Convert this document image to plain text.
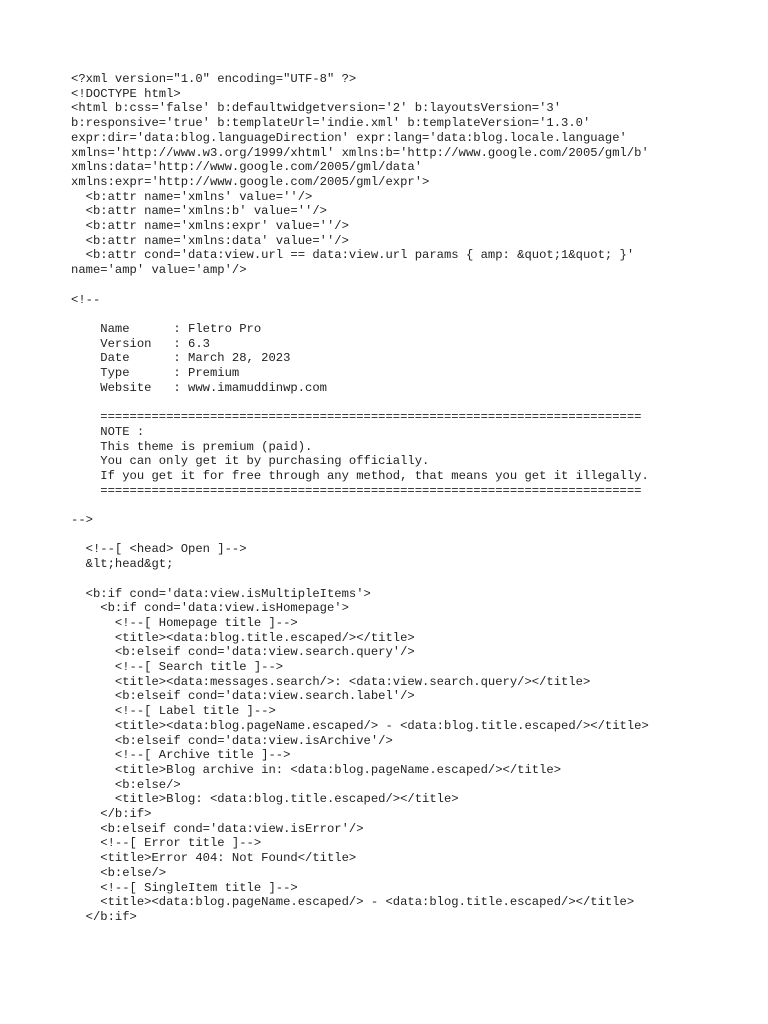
<?xml version="1.0" encoding="UTF-8" ?>
<!DOCTYPE html>
<html b:css='false' b:defaultwidgetversion='2' b:layoutsVersion='3'
b:responsive='true' b:templateUrl='indie.xml' b:templateVersion='1.3.0'
expr:dir='data:blog.languageDirection' expr:lang='data:blog.locale.language'
xmlns='http://www.w3.org/1999/xhtml' xmlns:b='http://www.google.com/2005/gml/b'
xmlns:data='http://www.google.com/2005/gml/data'
xmlns:expr='http://www.google.com/2005/gml/expr'>
<b:attr name='xmlns' value=''/>
<b:attr name='xmlns:b' value=''/>
<b:attr name='xmlns:expr' value=''/>
<b:attr name='xmlns:data' value=''/>
<b:attr cond='data:view.url == data:view.url params { amp: &quot;1&quot; }'
name='amp' value='amp'/>
<!--
Name      : Fletro Pro
Version   : 6.3
Date      : March 28, 2023
Type      : Premium
Website   : www.imamuddinwp.com
==========================================================================
NOTE :
This theme is premium (paid).
You can only get it by purchasing officially.
If you get it for free through any method, that means you get it illegally.
==========================================================================
-->
<!--[ <head> Open ]-->
&lt;head&gt;
<b:if cond='data:view.isMultipleItems'>
<b:if cond='data:view.isHomepage'>
<!--[ Homepage title ]-->
<title><data:blog.title.escaped/></title>
<b:elseif cond='data:view.search.query'/>
<!--[ Search title ]-->
<title><data:messages.search/>: <data:view.search.query/></title>
<b:elseif cond='data:view.search.label'/>
<!--[ Label title ]-->
<title><data:blog.pageName.escaped/> - <data:blog.title.escaped/></title>
<b:elseif cond='data:view.isArchive'/>
<!--[ Archive title ]-->
<title>Blog archive in: <data:blog.pageName.escaped/></title>
<b:else/>
<title>Blog: <data:blog.title.escaped/></title>
</b:if>
<b:elseif cond='data:view.isError'/>
<!--[ Error title ]-->
<title>Error 404: Not Found</title>
<b:else/>
<!--[ SingleItem title ]-->
<title><data:blog.pageName.escaped/> - <data:blog.title.escaped/></title>
</b:if>
